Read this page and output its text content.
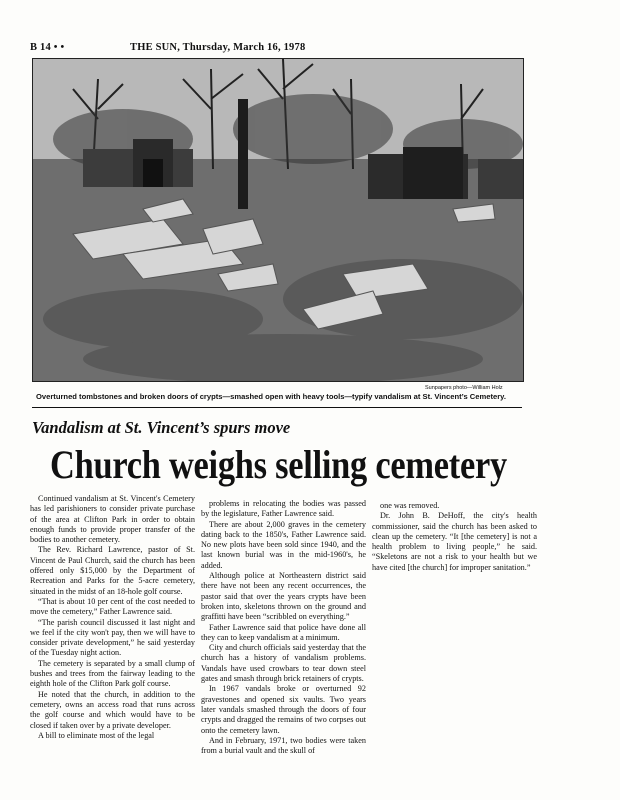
B 14 • •	THE SUN, Thursday, March 16, 1978
Sunpapers photo—William Holz
Overturned tombstones and broken doors of crypts—smashed open with heavy tools—typify vandalism at St. Vincent’s Cemetery.
Vandalism at St. Vincent’s spurs move
Church weighs selling cemetery

Continued vandalism at St. Vincent's Cemetery has led parishioners to consider private purchase of the area at Clifton Park in order to obtain enough funds to provide proper transfer of the bodies to another cemetery.

The Rev. Richard Lawrence, pastor of St. Vincent de Paul Church, said the church has been offered only $15,000 by the Department of Recreation and Parks for the 5-acre cemetery, situated in the midst of an 18-hole golf course.

“That is about 10 per cent of the cost needed to move the cemetery,” Father Lawrence said.

“The parish council discussed it last night and we feel if the city won't pay, then we will have to consider private development,” he said yesterday of the Tuesday night action.

The cemetery is separated by a small clump of bushes and trees from the fairway leading to the eighth hole of the Clifton Park golf course.

He noted that the church, in addition to the cemetery, owns an access road that runs across the golf course and which would have to be closed if taken over by a private developer.

A bill to eliminate most of the legal

problems in relocating the bodies was passed by the legislature, Father Lawrence said.

There are about 2,000 graves in the cemetery dating back to the 1850's, Father Lawrence said. No new plots have been sold since 1940, and the last known burial was in the mid-1960's, he added.

Although police at Northeastern district said there have not been any recent occurrences, the pastor said that over the years crypts have been broken into, skeletons thrown on the ground and graffitti have been “scribbled on everything.”

Father Lawrence said that police have done all they can to keep vandalism at a minimum.

City and church officials said yesterday that the church has a history of vandalism problems. Vandals have used crowbars to tear down steel gates and smash through brick retainers of crypts.

In 1967 vandals broke or overturned 92 gravestones and opened six vaults. Two years later vandals smashed through the doors of four crypts and dragged the remains of two corpses out onto the cemetery lawn.

And in February, 1971, two bodies were taken from a burial vault and the skull of

one was removed.

Dr. John B. DeHoff, the city's health commissioner, said the church has been asked to clean up the cemetery. “It [the cemetery] is not a health problem to living people,” he said. “Skeletons are not a risk to your health but we have cited [the church] for improper sanitation.”
